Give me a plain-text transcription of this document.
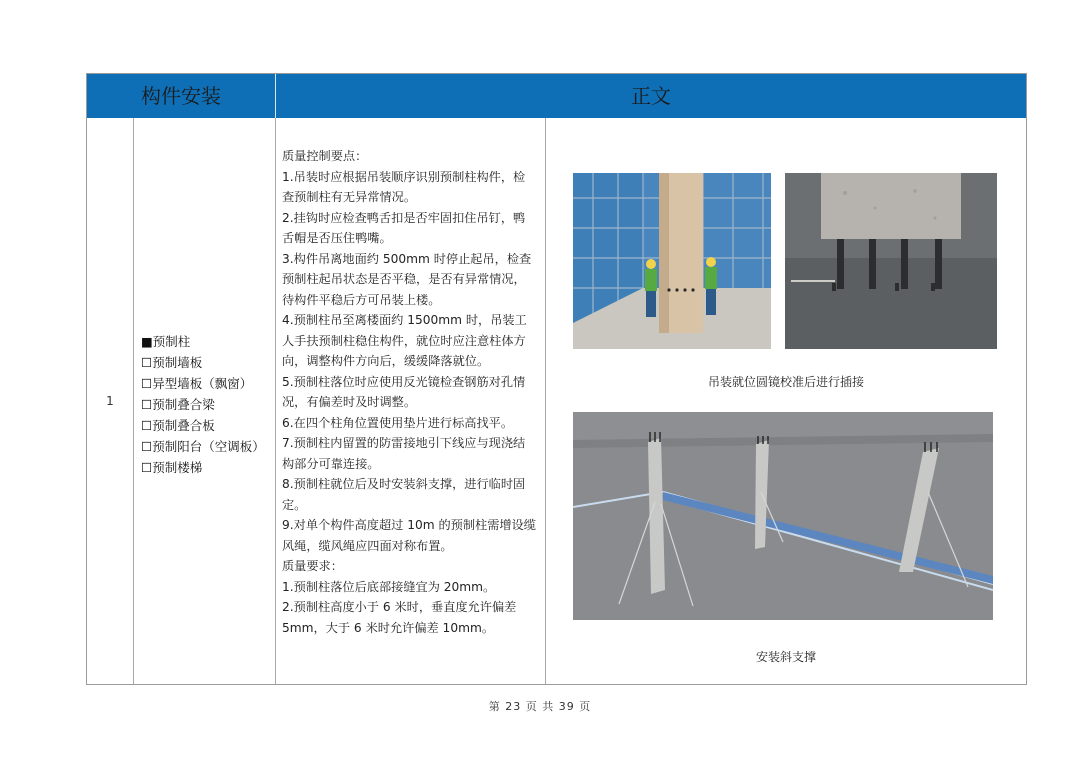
构件安装	正文
1
■预制柱
☐预制墙板
☐异型墙板（飘窗）
☐预制叠合梁
☐预制叠合板
☐预制阳台（空调板）
☐预制楼梯

质量控制要点：

1.吊装时应根据吊装顺序识别预制柱构件，检查预制柱有无异常情况。

2.挂钩时应检查鸭舌扣是否牢固扣住吊钉，鸭舌帽是否压住鸭嘴。

3.构件吊离地面约 500mm 时停止起吊，检查预制柱起吊状态是否平稳，是否有异常情况，待构件平稳后方可吊装上楼。

4.预制柱吊至离楼面约 1500mm 时，吊装工人手扶预制柱稳住构件，就位时应注意柱体方向，调整构件方向后，缓缓降落就位。

5.预制柱落位时应使用反光镜检查钢筋对孔情况，有偏差时及时调整。

6.在四个柱角位置使用垫片进行标高找平。

7.预制柱内留置的防雷接地引下线应与现浇结构部分可靠连接。

8.预制柱就位后及时安装斜支撑，进行临时固定。

9.对单个构件高度超过 10m 的预制柱需增设缆风绳，缆风绳应四面对称布置。

质量要求：

1.预制柱落位后底部接缝宜为 20mm。

2.预制柱高度小于 6 米时，垂直度允许偏差 5mm，大于 6 米时允许偏差 10mm。

吊装就位圆镜校准后进行插接
安装斜支撑
第 23 页 共 39 页
